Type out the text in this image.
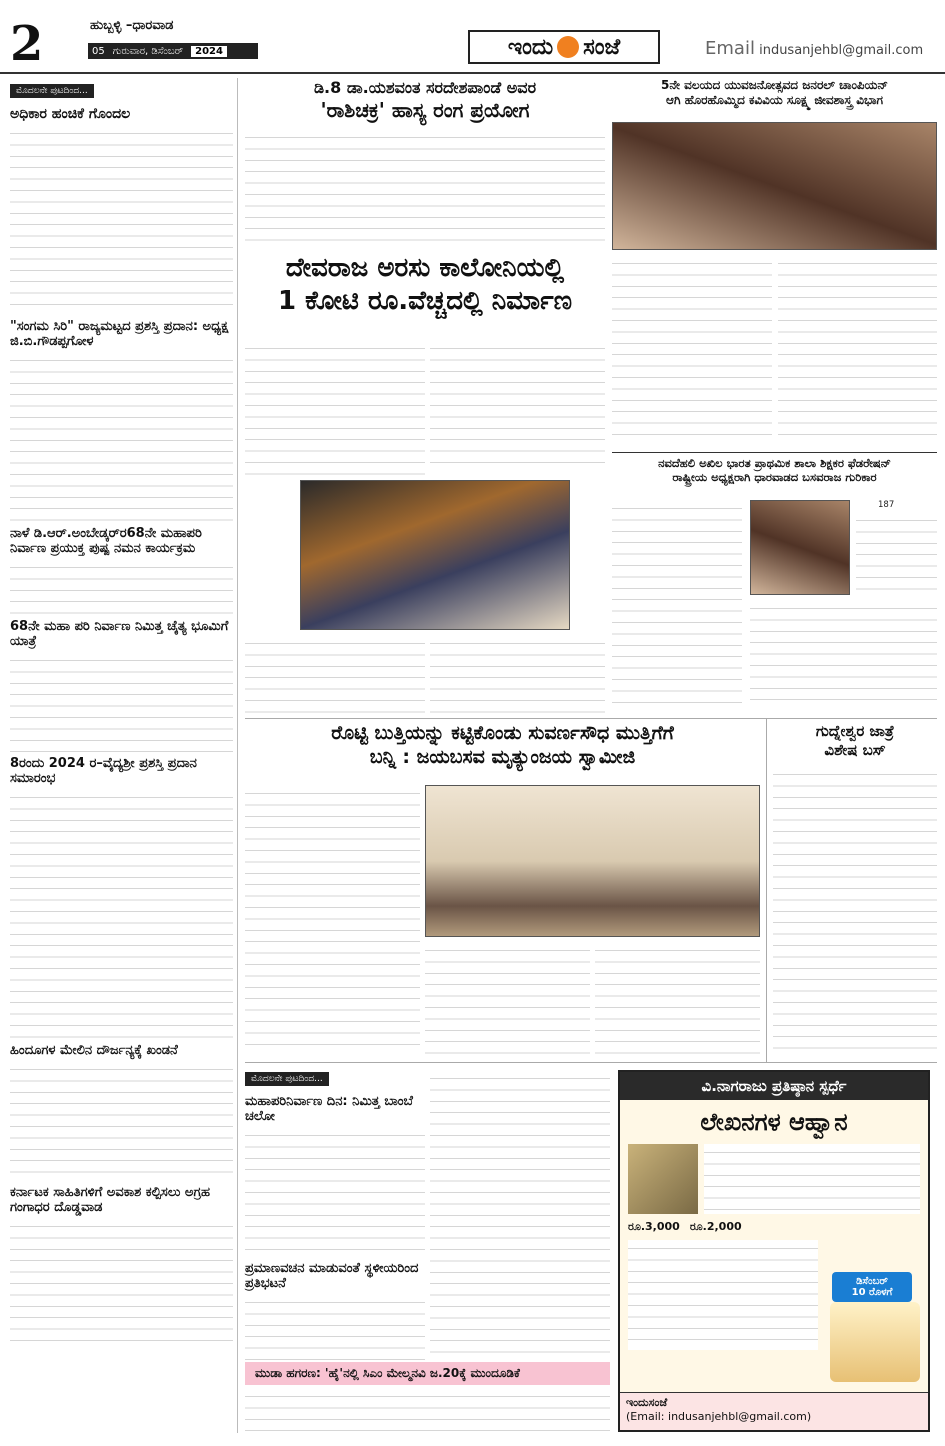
2	ಹುಬ್ಬಳ್ಳಿ –ಧಾರವಾಡ
05 ಗುರುವಾರ, ಡಿಸೆಂಬರ್	2024	ಇಂದು ಸಂಜೆ	Email indusanjehbl@gmail.com
ಮೊದಲನೇ ಪುಟದಿಂದ...
ಅಧಿಕಾರ ಹಂಚಿಕೆ ಗೊಂದಲ
"ಸಂಗಮ ಸಿರಿ" ರಾಜ್ಯಮಟ್ಟದ ಪ್ರಶಸ್ತಿ ಪ್ರದಾನ: ಅಧ್ಯಕ್ಷ ಜಿ.ಬಿ.ಗೌಡಪ್ಪಗೋಳ
ನಾಳೆ ಡಿ.ಆರ್.ಅಂಬೇಡ್ಕರ್‌ರ68ನೇ ಮಹಾಪರಿ ನಿರ್ವಾಣ ಪ್ರಯುಕ್ತ ಪುಷ್ಪ ನಮನ ಕಾರ್ಯಕ್ರಮ
68ನೇ ಮಹಾ ಪರಿ ನಿರ್ವಾಣ ನಿಮಿತ್ತ ಚೈತ್ಯ ಭೂಮಿಗೆ ಯಾತ್ರೆ
8ರಂದು 2024 ರ–ವೈದ್ಯಶ್ರೀ ಪ್ರಶಸ್ತಿ ಪ್ರದಾನ ಸಮಾರಂಭ
ಹಿಂದೂಗಳ ಮೇಲಿನ ದೌರ್ಜನ್ಯಕ್ಕೆ ಖಂಡನೆ
ಕರ್ನಾಟಕ ಸಾಹಿತಿಗಳಿಗೆ ಅವಕಾಶ ಕಲ್ಪಿಸಲು ಅಗ್ರಹ ಗಂಗಾಧರ ದೊಡ್ಡವಾಡ
ಡಿ.8 ಡಾ.ಯಶವಂತ ಸರದೇಶಪಾಂಡೆ ಅವರ
'ರಾಶಿಚಕ್ರ' ಹಾಸ್ಯ ರಂಗ ಪ್ರಯೋಗ
ದೇವರಾಜ ಅರಸು ಕಾಲೋನಿಯಲ್ಲಿ
1 ಕೋಟಿ ರೂ.ವೆಚ್ಚದಲ್ಲಿ ನಿರ್ಮಾಣ
5ನೇ ವಲಯದ ಯುವಜನೋತ್ಸವದ ಜನರಲ್ ಚಾಂಪಿಯನ್
ಆಗಿ ಹೊರಹೊಮ್ಮಿದ ಕವಿವಿಯ ಸೂಕ್ಷ್ಮ ಜೀವಶಾಸ್ತ್ರ ವಿಭಾಗ
ನವದೆಹಲಿ ಅಖಿಲ ಭಾರತ ಪ್ರಾಥಮಿಕ ಶಾಲಾ ಶಿಕ್ಷಕರ ಫೆಡರೇಷನ್
ರಾಷ್ಟ್ರೀಯ ಅಧ್ಯಕ್ಷರಾಗಿ ಧಾರವಾಡದ ಬಸವರಾಜ ಗುರಿಕಾರ
187
ರೊಟ್ಟಿ ಬುತ್ತಿಯನ್ನು ಕಟ್ಟಿಕೊಂಡು ಸುವರ್ಣಸೌಧ ಮುತ್ತಿಗೆಗೆ
ಬನ್ನಿ : ಜಯಬಸವ ಮೃತ್ಯುಂಜಯ ಸ್ವಾಮೀಜಿ
ಗುದ್ನೇಶ್ವರ ಜಾತ್ರೆ
ವಿಶೇಷ ಬಸ್
ಮೊದಲನೇ ಪುಟದಿಂದ...
ಮಹಾಪರಿನಿರ್ವಾಣ ದಿನ: ನಿಮಿತ್ತ ಬಾಂಬೆ ಚಲೋ
ಪ್ರಮಾಣವಚನ ಮಾಡುವಂತೆ ಸ್ಥಳೀಯರಿಂದ ಪ್ರತಿಭಟನೆ
ವಿ.ನಾಗರಾಜು ಪ್ರತಿಷ್ಠಾನ ಸ್ಪರ್ಧೆ
ಲೇಖನಗಳ ಆಹ್ವಾನ
ರೂ.3,000 ರೂ.2,000
ಡಿಸೆಂಬರ್
10 ರೊಳಗೆ
ಇಂದುಸಂಜೆ
(Email: indusanjehbl@gmail.com)
ಮುಡಾ ಹಗರಣ: 'ಹೈ'ನಲ್ಲಿ ಸಿಎಂ ಮೇಲ್ಮನವಿ ಜ.20ಕ್ಕೆ ಮುಂದೂಡಿಕೆ
